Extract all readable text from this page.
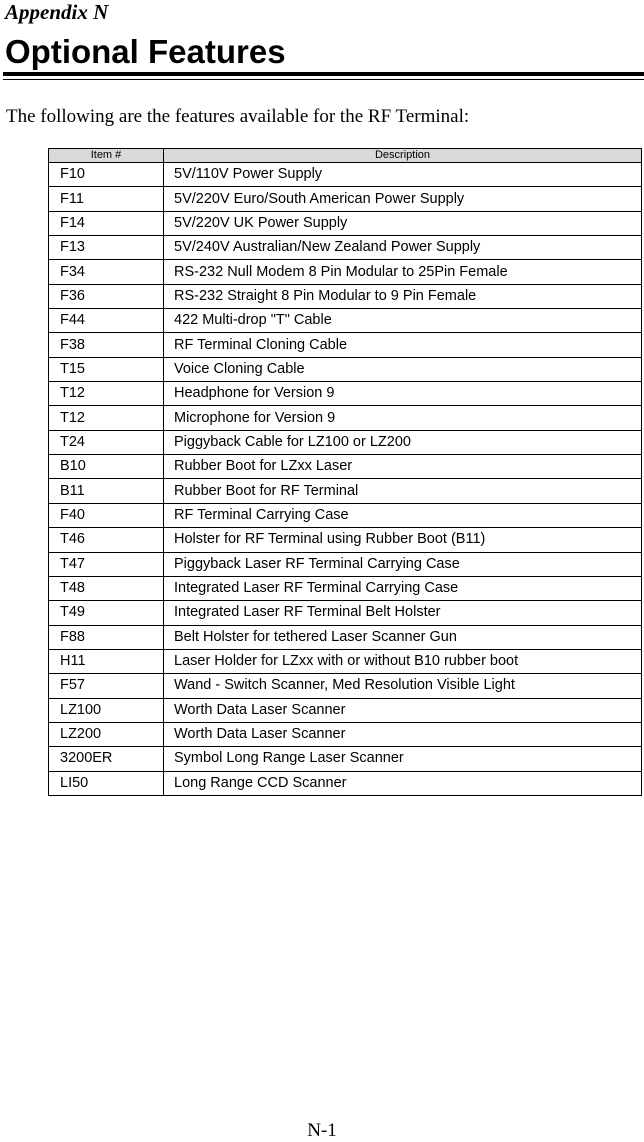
Appendix N
Optional Features
The following are the features available for the RF Terminal:
Item #	Description
F10	5V/110V Power Supply
F11	5V/220V Euro/South American Power Supply
F14	5V/220V UK Power Supply
F13	5V/240V Australian/New Zealand Power Supply
F34	RS-232 Null Modem 8 Pin Modular to 25Pin Female
F36	RS-232 Straight 8 Pin Modular to 9 Pin Female
F44	422 Multi-drop "T" Cable
F38	RF Terminal Cloning Cable
T15	Voice Cloning Cable
T12	Headphone for Version 9
T12	Microphone for Version 9
T24	Piggyback Cable for LZ100 or LZ200
B10	Rubber Boot for LZxx Laser
B11	Rubber Boot for RF Terminal
F40	RF Terminal Carrying Case
T46	Holster for RF Terminal using Rubber Boot (B11)
T47	Piggyback Laser RF Terminal Carrying Case
T48	Integrated Laser RF Terminal Carrying Case
T49	Integrated Laser RF Terminal Belt Holster
F88	Belt Holster for tethered Laser Scanner Gun
H11	Laser Holder for LZxx with or without B10 rubber boot
F57	Wand - Switch Scanner, Med Resolution Visible Light
LZ100	Worth Data Laser Scanner
LZ200	Worth Data Laser Scanner
3200ER	Symbol Long Range Laser Scanner
LI50	Long Range CCD Scanner
N-1
